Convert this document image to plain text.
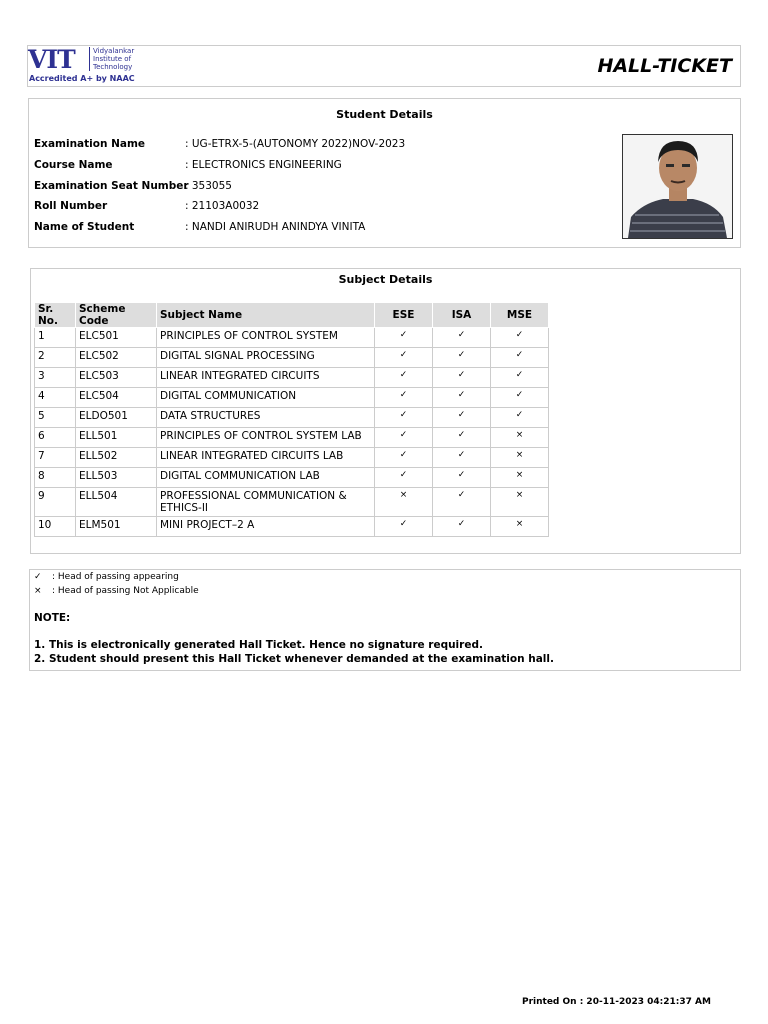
VIT	Vidyalankar
Institute of
Technology
Accredited A+ by NAAC
HALL-TICKET
Student Details
Examination Name	: UG-ETRX-5-(AUTONOMY 2022)NOV-2023
Course Name	: ELECTRONICS ENGINEERING
Examination Seat Number
: 353055
Roll Number	: 21103A0032
Name of Student	: NANDI ANIRUDH ANINDYA VINITA
Subject Details
Sr. No.	Scheme Code	Subject Name	ESE	ISA	MSE
1	ELC501	PRINCIPLES OF CONTROL SYSTEM	✓	✓	✓
2	ELC502	DIGITAL SIGNAL PROCESSING	✓	✓	✓
3	ELC503	LINEAR INTEGRATED CIRCUITS	✓	✓	✓
4	ELC504	DIGITAL COMMUNICATION	✓	✓	✓
5	ELDO501	DATA STRUCTURES	✓	✓	✓
6	ELL501	PRINCIPLES OF CONTROL SYSTEM LAB	✓	✓	×
7	ELL502	LINEAR INTEGRATED CIRCUITS LAB	✓	✓	×
8	ELL503	DIGITAL COMMUNICATION LAB	✓	✓	×
9	ELL504	PROFESSIONAL COMMUNICATION & ETHICS-II	×	✓	×
10	ELM501	MINI PROJECT–2 A	✓	✓	×
✓ : Head of passing appearing
× : Head of passing Not Applicable
NOTE:
1. This is electronically generated Hall Ticket. Hence no signature required.
2. Student should present this Hall Ticket whenever demanded at the examination hall.
Printed On : 20-11-2023 04:21:37 AM
